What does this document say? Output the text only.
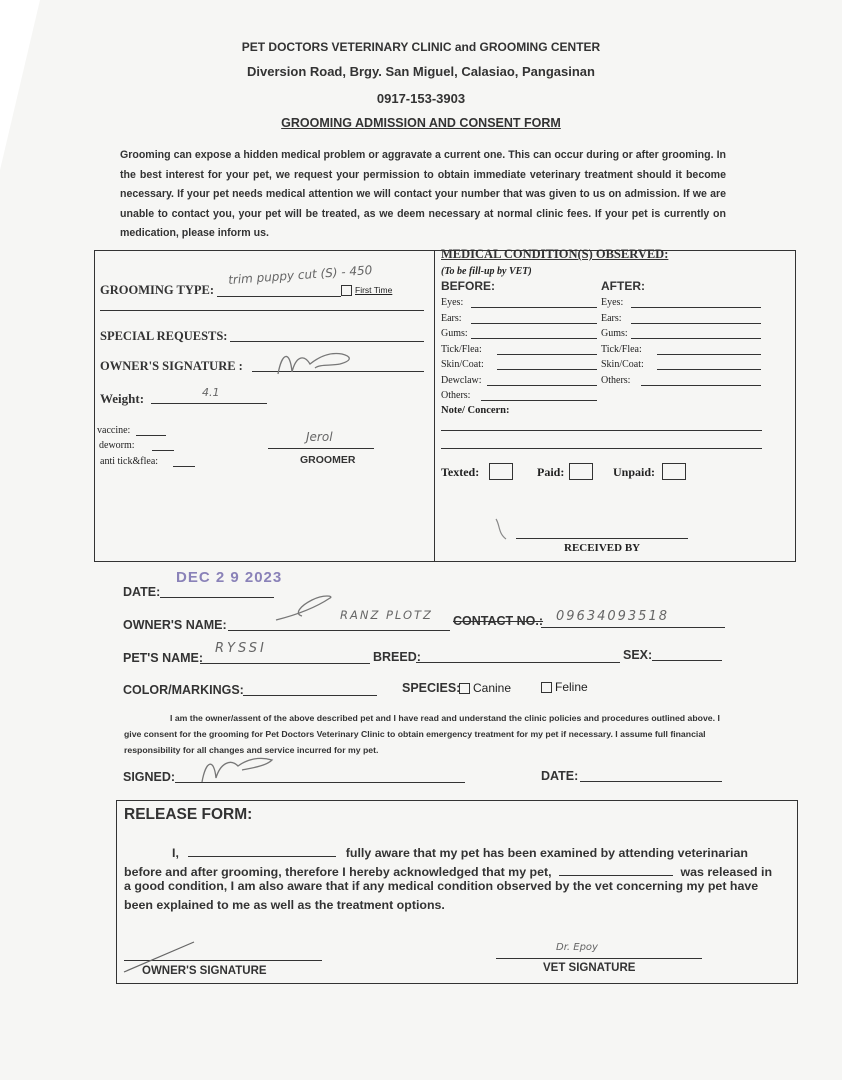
PET DOCTORS VETERINARY CLINIC and GROOMING CENTER
Diversion Road, Brgy. San Miguel, Calasiao, Pangasinan
0917-153-3903
GROOMING ADMISSION AND CONSENT FORM
Grooming can expose a hidden medical problem or aggravate a current one. This can occur during or after grooming. In the best interest for your pet, we request your permission to obtain immediate veterinary treatment should it become necessary. If your pet needs medical attention we will contact your number that was given to us on admission. If we are unable to contact you, your pet will be treated, as we deem necessary at normal clinic fees. If your pet is currently on medication, please inform us.
GROOMING TYPE:
trim puppy cut (S) - 450
First Time
SPECIAL REQUESTS:
OWNER'S SIGNATURE :
Weight:	4.1
vaccine:
deworm:
anti tick&flea:
Jerol
GROOMER
MEDICAL CONDITION(S) OBSERVED:
(To be fill-up by VET)
BEFORE:	AFTER:
Eyes:
Ears:
Gums:
Tick/Flea:
Skin/Coat:
Dewclaw:
Others:
Eyes:
Ears:
Gums:
Tick/Flea:
Skin/Coat:
Others:
Note/ Concern:
Texted:	Paid:	Unpaid:
RECEIVED BY
DATE:
DEC 2 9 2023
OWNER'S NAME:
RANZ PLOTZ CONTACT NO.: 09634093518
PET'S NAME:
RYSSI
BREED:	SEX:
COLOR/MARKINGS:	SPECIES:	Canine	Feline
I am the owner/assent of the above described pet and I have read and understand the clinic policies and procedures outlined above. I give consent for the grooming for Pet Doctors Veterinary Clinic to obtain emergency treatment for my pet if necessary. I assume full financial responsibility for all changes and service incurred for my pet.
SIGNED:	DATE:
RELEASE FORM:
I,	fully aware that my pet has been examined by attending veterinarian
before and after grooming, therefore I hereby acknowledged that my pet,	was released in
a good condition, I am also aware that if any medical condition observed by the vet concerning my pet have
been explained to me as well as the treatment options.
OWNER'S SIGNATURE
Dr. Epoy
VET SIGNATURE
